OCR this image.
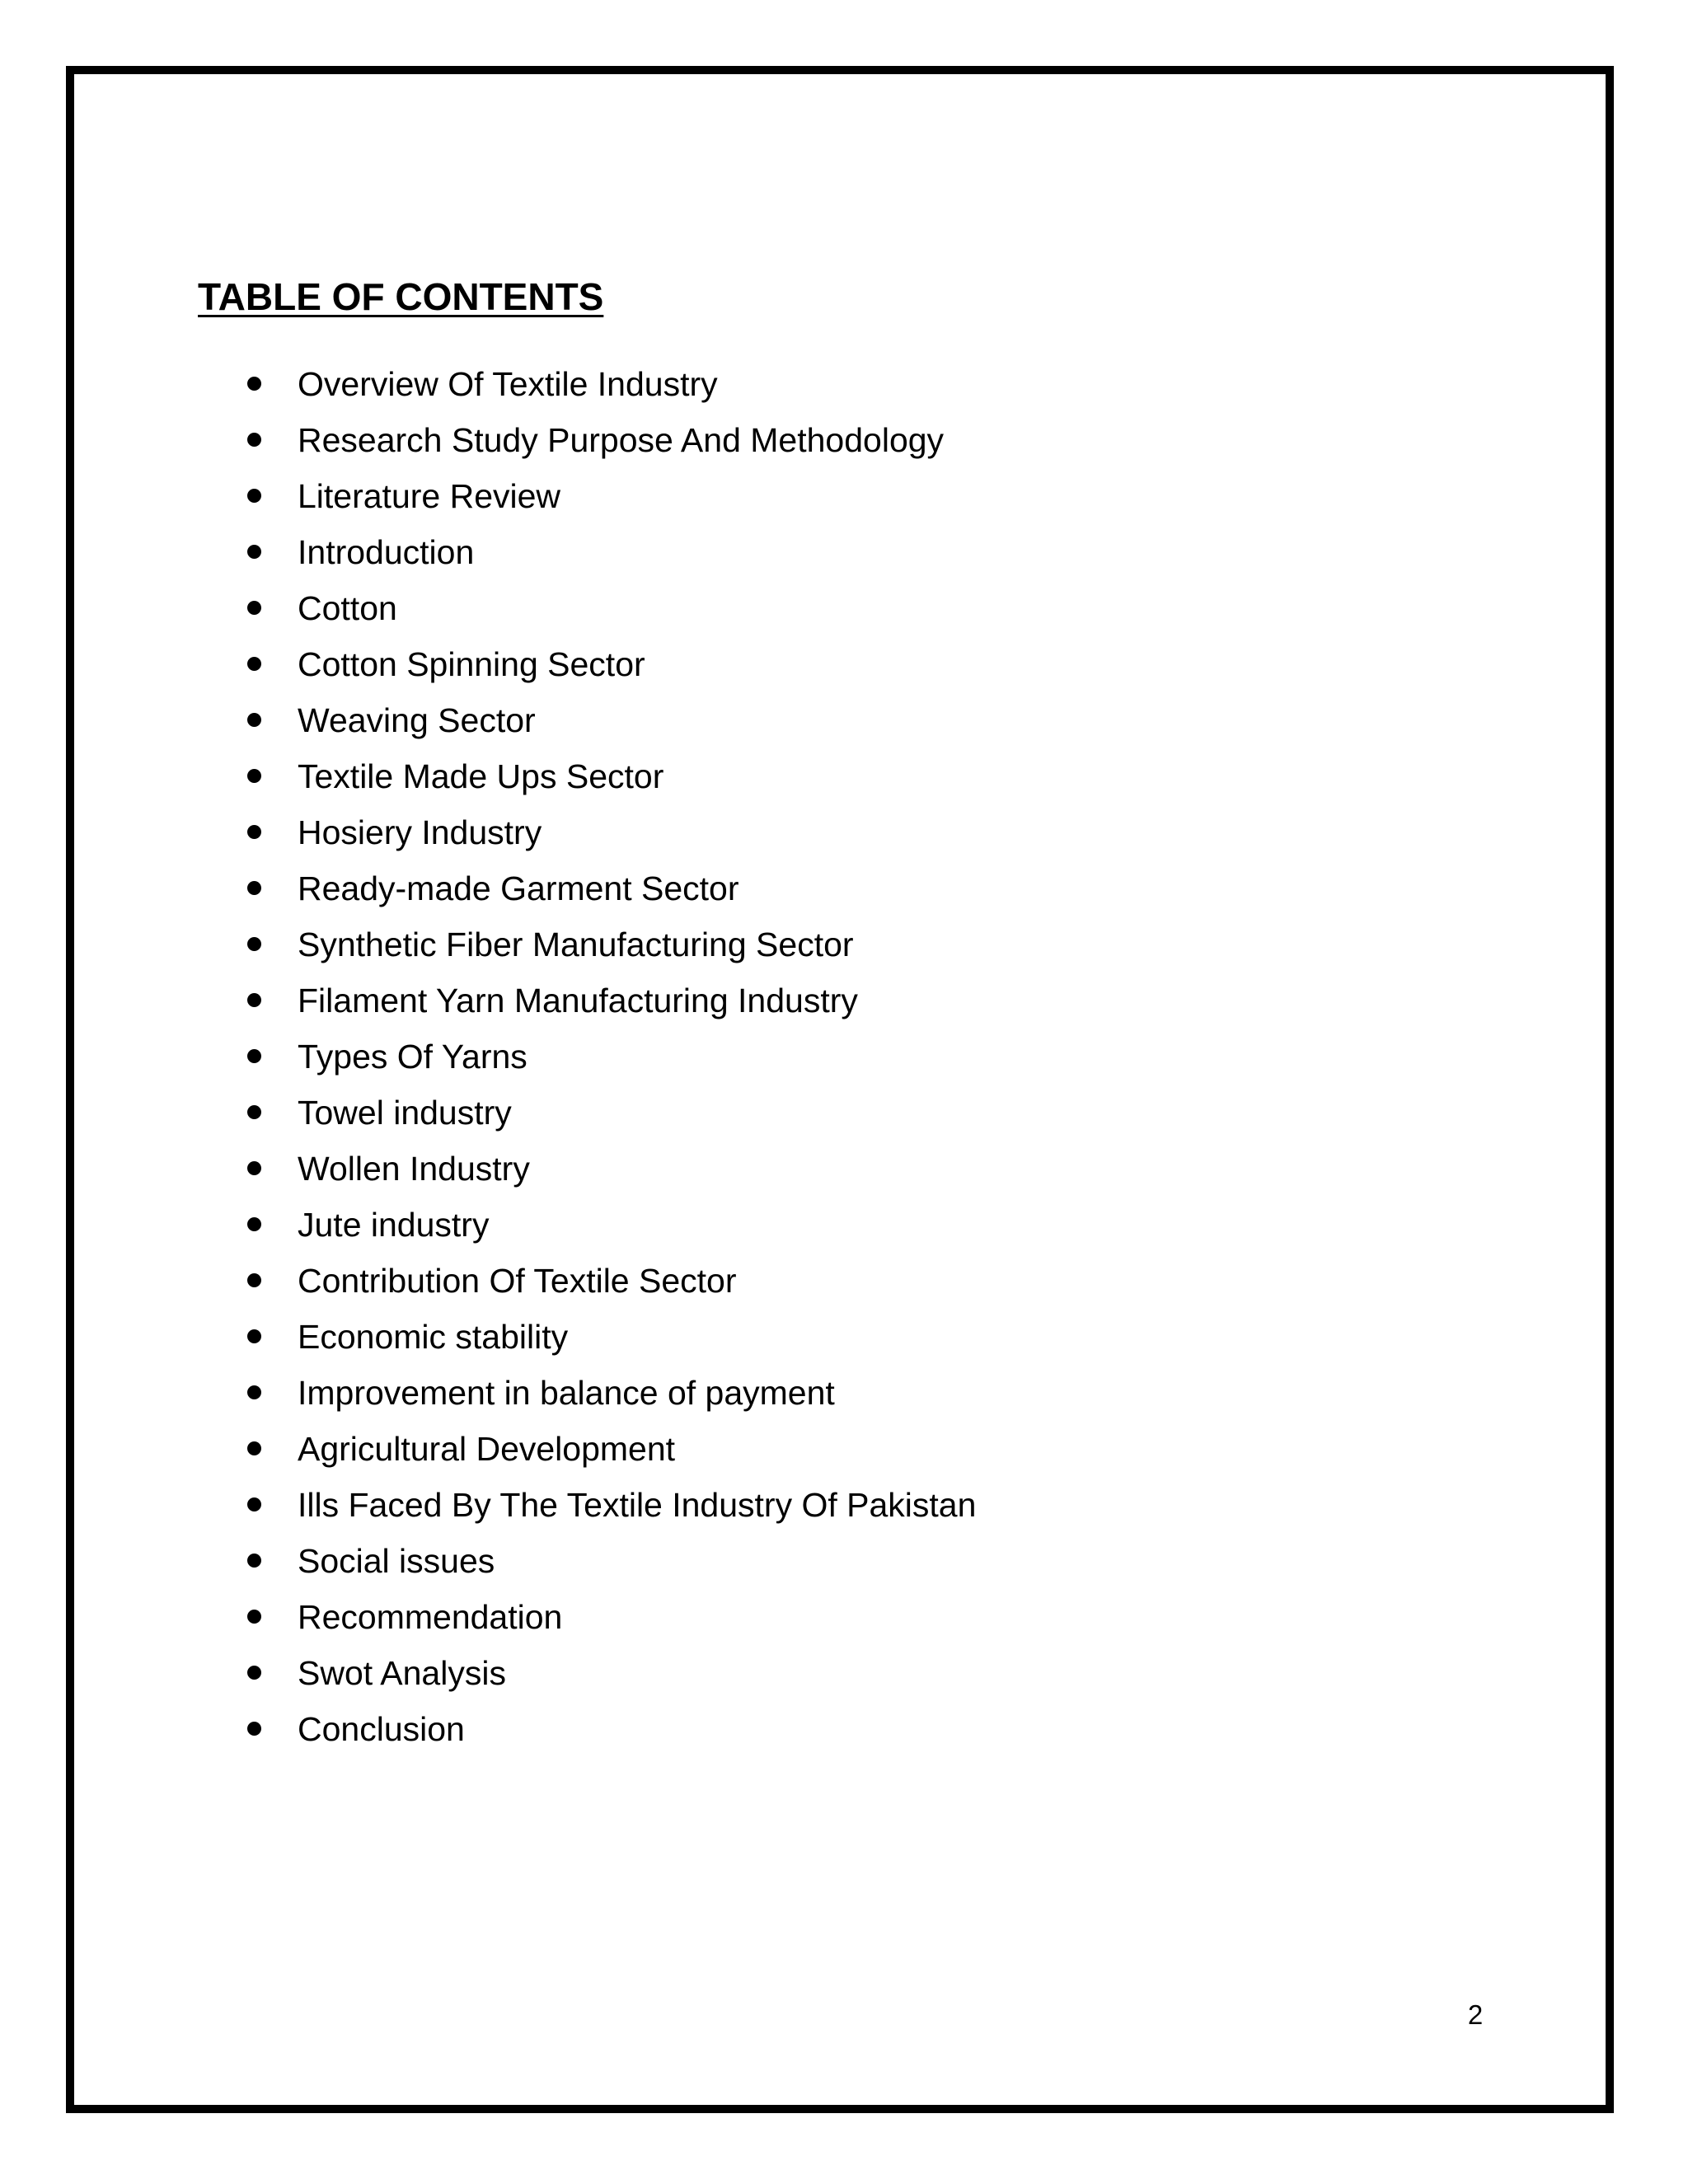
TABLE OF CONTENTS
Overview Of Textile Industry
Research Study Purpose And Methodology
Literature Review
Introduction
Cotton
Cotton Spinning Sector
Weaving Sector
Textile Made Ups Sector
Hosiery Industry
Ready-made Garment Sector
Synthetic Fiber Manufacturing Sector
Filament Yarn Manufacturing Industry
Types Of Yarns
Towel industry
Wollen Industry
Jute industry
Contribution Of Textile Sector
Economic stability
Improvement in balance of payment
Agricultural Development
Ills Faced By The Textile Industry Of Pakistan
Social issues
Recommendation
Swot Analysis
Conclusion
2
